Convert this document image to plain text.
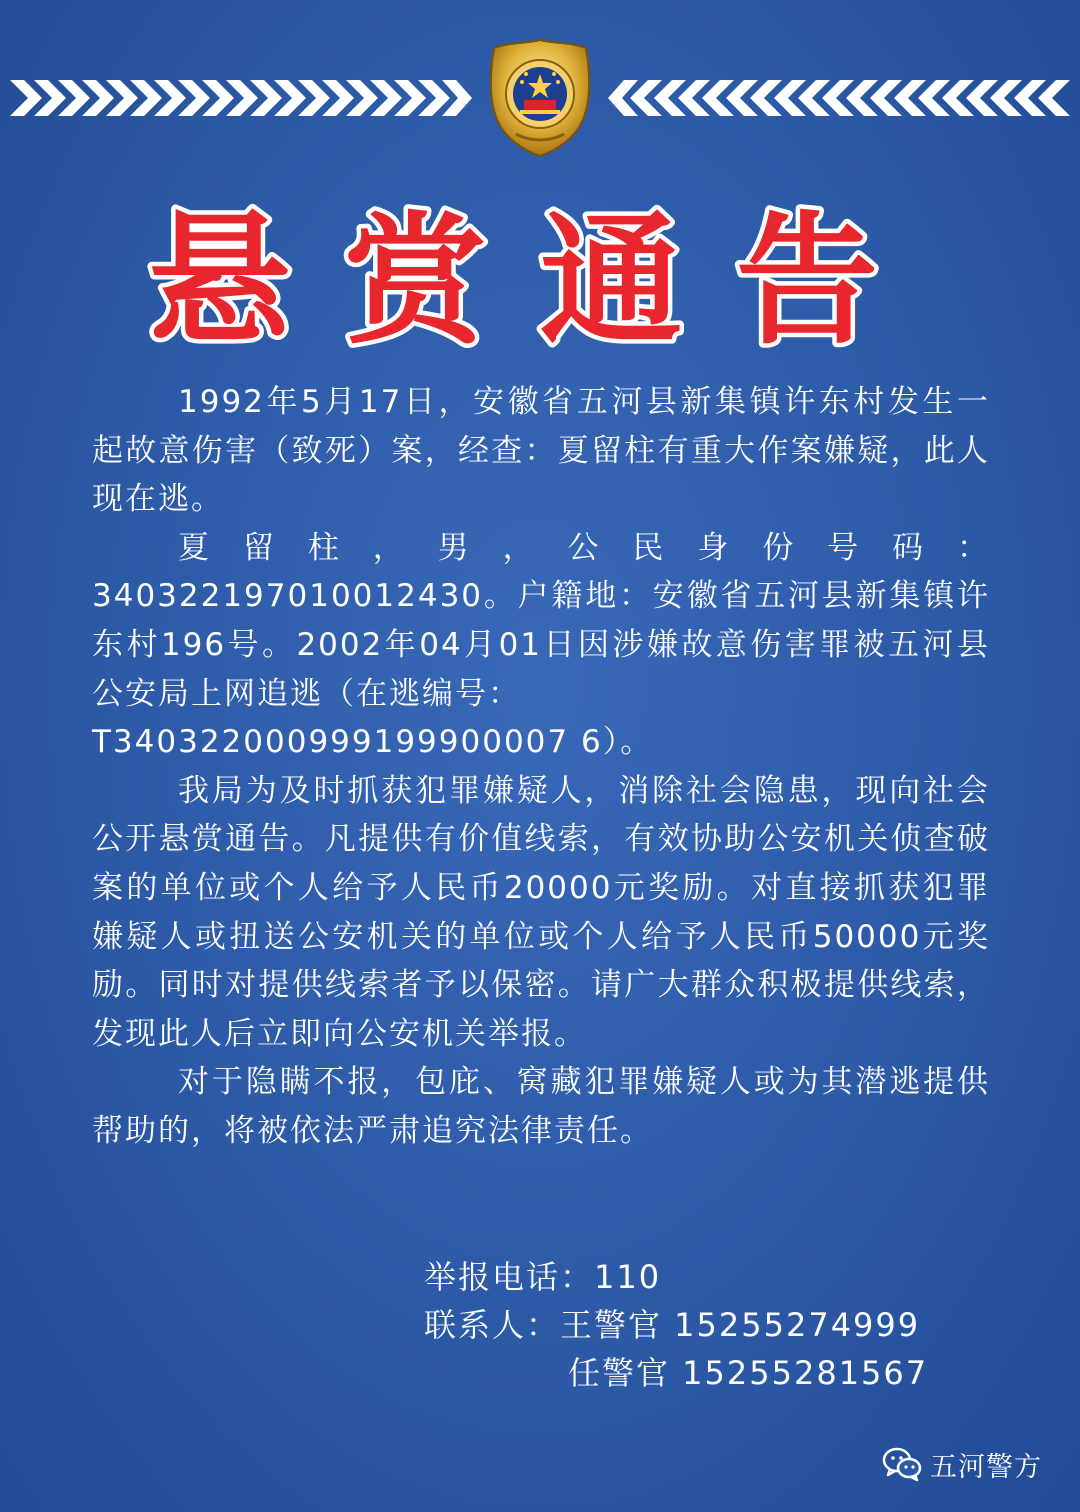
悬赏通告

1992年5月17日，安徽省五河县新集镇许东村发生一起故意伤害（致死）案，经查：夏留柱有重大作案嫌疑，此人现在逃。

夏留柱，男，公民身份号码：

340322197010012430。户籍地：安徽省五河县新集镇许东村196号。2002年04月01日因涉嫌故意伤害罪被五河县公安局上网追逃（在逃编号：

T340322000999199900007 6）。

我局为及时抓获犯罪嫌疑人，消除社会隐患，现向社会公开悬赏通告。凡提供有价值线索，有效协助公安机关侦查破案的单位或个人给予人民币20000元奖励。对直接抓获犯罪嫌疑人或扭送公安机关的单位或个人给予人民币50000元奖励。同时对提供线索者予以保密。请广大群众积极提供线索，发现此人后立即向公安机关举报。

对于隐瞒不报，包庇、窝藏犯罪嫌疑人或为其潜逃提供帮助的，将被依法严肃追究法律责任。

举报电话：110
联系人：王警官 15255274999
任警官 15255281567
五河警方
